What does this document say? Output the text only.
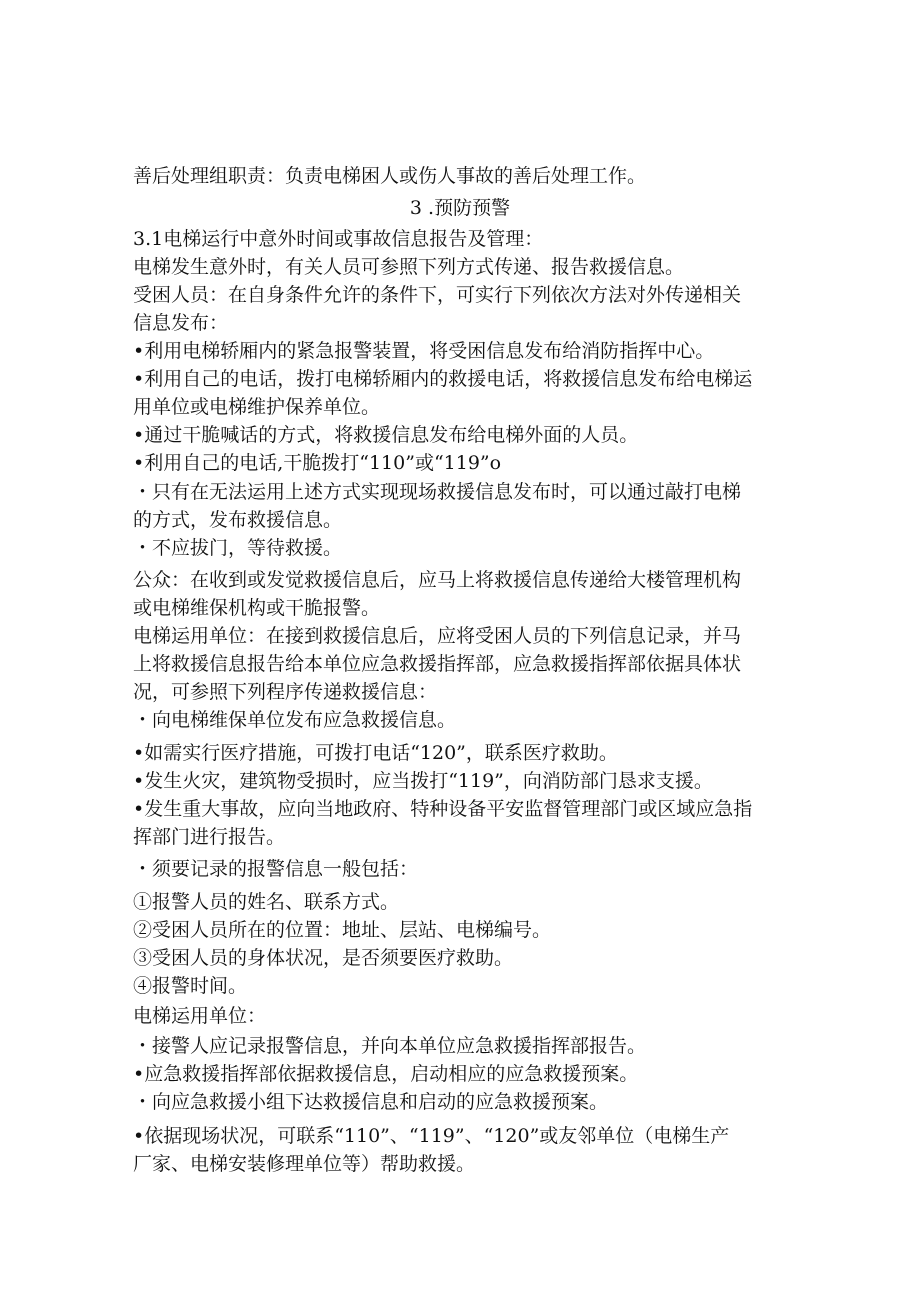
善后处理组职责：负责电梯困人或伤人事故的善后处理工作。
3 .预防预警
3.1电梯运行中意外时间或事故信息报告及管理：
电梯发生意外时，有关人员可参照下列方式传递、报告救援信息。
受困人员：在自身条件允许的条件下，可实行下列依次方法对外传递相关
信息发布：
•利用电梯轿厢内的紧急报警装置，将受困信息发布给消防指挥中心。
•利用自己的电话，拨打电梯轿厢内的救援电话，将救援信息发布给电梯运
用单位或电梯维护保养单位。
•通过干脆喊话的方式，将救援信息发布给电梯外面的人员。
•利用自己的电话,干脆拨打“110”或“119”o
・只有在无法运用上述方式实现现场救援信息发布时，可以通过敲打电梯
的方式，发布救援信息。
・不应拔门，等待救援。
公众：在收到或发觉救援信息后，应马上将救援信息传递给大楼管理机构
或电梯维保机构或干脆报警。
电梯运用单位：在接到救援信息后，应将受困人员的下列信息记录，并马
上将救援信息报告给本单位应急救援指挥部，应急救援指挥部依据具体状
况，可参照下列程序传递救援信息：
・向电梯维保单位发布应急救援信息。
•如需实行医疗措施，可拨打电话“120”，联系医疗救助。
•发生火灾，建筑物受损时，应当拨打“119”，向消防部门恳求支援。
•发生重大事故，应向当地政府、特种设备平安监督管理部门或区域应急指
挥部门进行报告。
・须要记录的报警信息一般包括：
①报警人员的姓名、联系方式。
②受困人员所在的位置：地址、层站、电梯编号。
③受困人员的身体状况，是否须要医疗救助。
④报警时间。
电梯运用单位：
・接警人应记录报警信息，并向本单位应急救援指挥部报告。
•应急救援指挥部依据救援信息，启动相应的应急救援预案。
・向应急救援小组下达救援信息和启动的应急救援预案。
•依据现场状况，可联系“110”、“119”、“120”或友邻单位（电梯生产
厂家、电梯安装修理单位等）帮助救援。
